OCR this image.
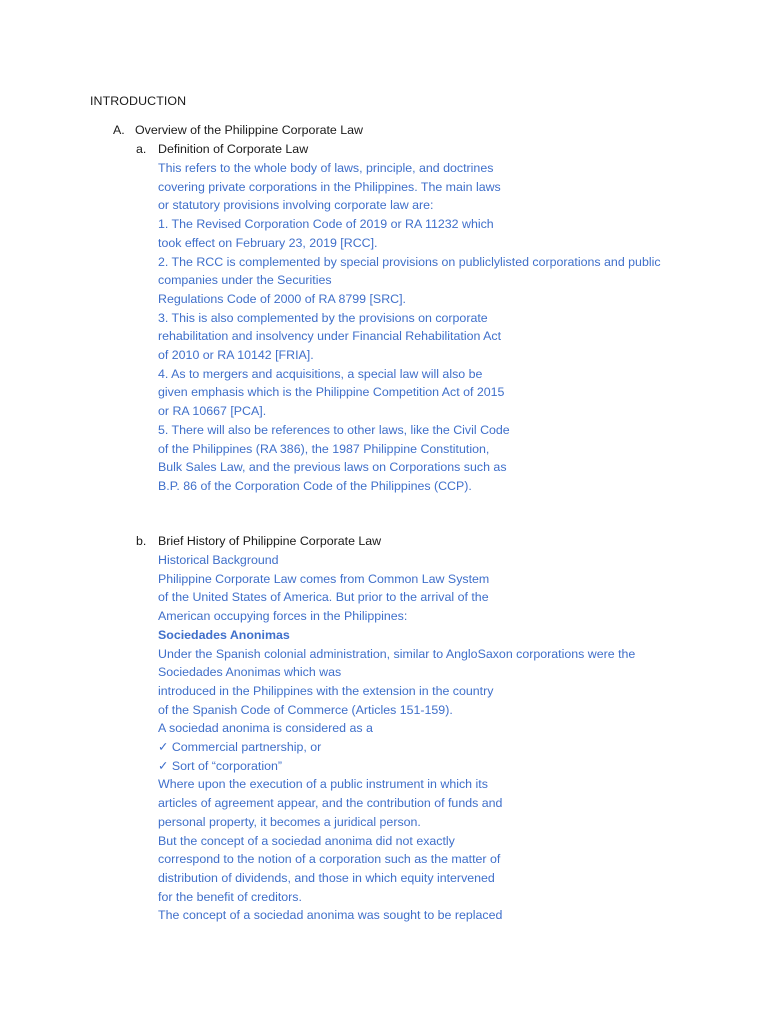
INTRODUCTION
A. Overview of the Philippine Corporate Law
a. Definition of Corporate Law
This refers to the whole body of laws, principle, and doctrines
covering private corporations in the Philippines. The main laws
or statutory provisions involving corporate law are:
1. The Revised Corporation Code of 2019 or RA 11232 which
took effect on February 23, 2019 [RCC].
2. The RCC is complemented by special provisions on publiclylisted corporations and public
companies under the Securities
Regulations Code of 2000 of RA 8799 [SRC].
3. This is also complemented by the provisions on corporate
rehabilitation and insolvency under Financial Rehabilitation Act
of 2010 or RA 10142 [FRIA].
4. As to mergers and acquisitions, a special law will also be
given emphasis which is the Philippine Competition Act of 2015
or RA 10667 [PCA].
5. There will also be references to other laws, like the Civil Code
of the Philippines (RA 386), the 1987 Philippine Constitution,
Bulk Sales Law, and the previous laws on Corporations such as
B.P. 86 of the Corporation Code of the Philippines (CCP).
b. Brief History of Philippine Corporate Law
Historical Background
Philippine Corporate Law comes from Common Law System
of the United States of America. But prior to the arrival of the
American occupying forces in the Philippines:
Sociedades Anonimas
Under the Spanish colonial administration, similar to AngloSaxon corporations were the
Sociedades Anonimas which was
introduced in the Philippines with the extension in the country
of the Spanish Code of Commerce (Articles 151-159).
A sociedad anonima is considered as a
✓ Commercial partnership, or
✓ Sort of “corporation”
Where upon the execution of a public instrument in which its
articles of agreement appear, and the contribution of funds and
personal property, it becomes a juridical person.
But the concept of a sociedad anonima did not exactly
correspond to the notion of a corporation such as the matter of
distribution of dividends, and those in which equity intervened
for the benefit of creditors.
The concept of a sociedad anonima was sought to be replaced
